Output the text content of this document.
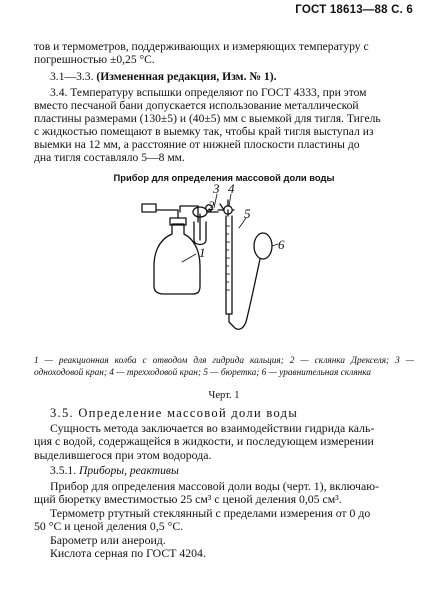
ГОСТ 18613—88 С. 6
тов и термометров, поддерживающих и измеряющих температуру с
погрешностью ±0,25 °С.
3.1—3.3. (Измененная редакция, Изм. № 1).
3.4. Температуру вспышки определяют по ГОСТ 4333, при этом
вместо песчаной бани допускается использование металлической
пластины размерами (130±5) и (40±5) мм с выемкой для тигля. Тигель
с жидкостью помещают в выемку так, чтобы край тигля выступал из
выемки на 12 мм, а расстояние от нижней плоскости пластины до
дна тигля составляло 5—8 мм.
Прибор для определения массовой доли воды
1
2
3 4
5
6
1 — реакционная колба с отводом для гидрида кальция; 2 — склянка Дрекселя; 3 — одноходовой кран; 4 — трехходовой кран; 5 — бюретка; 6 — уравнительная склянка
Черт. 1
3.5. Определение массовой доли воды
Сущность метода заключается во взаимодействии гидрида каль-
ция с водой, содержащейся в жидкости, и последующем измерении
выделившегося при этом водорода.
3.5.1. Приборы, реактивы
Прибор для определения массовой доли воды (черт. 1), включаю-
щий бюретку вместимостью 25 см³ с ценой деления 0,05 см³.
Термометр ртутный стеклянный с пределами измерения от 0 до
50 °С и ценой деления 0,5 °С.
Барометр или анероид.
Кислота серная по ГОСТ 4204.
